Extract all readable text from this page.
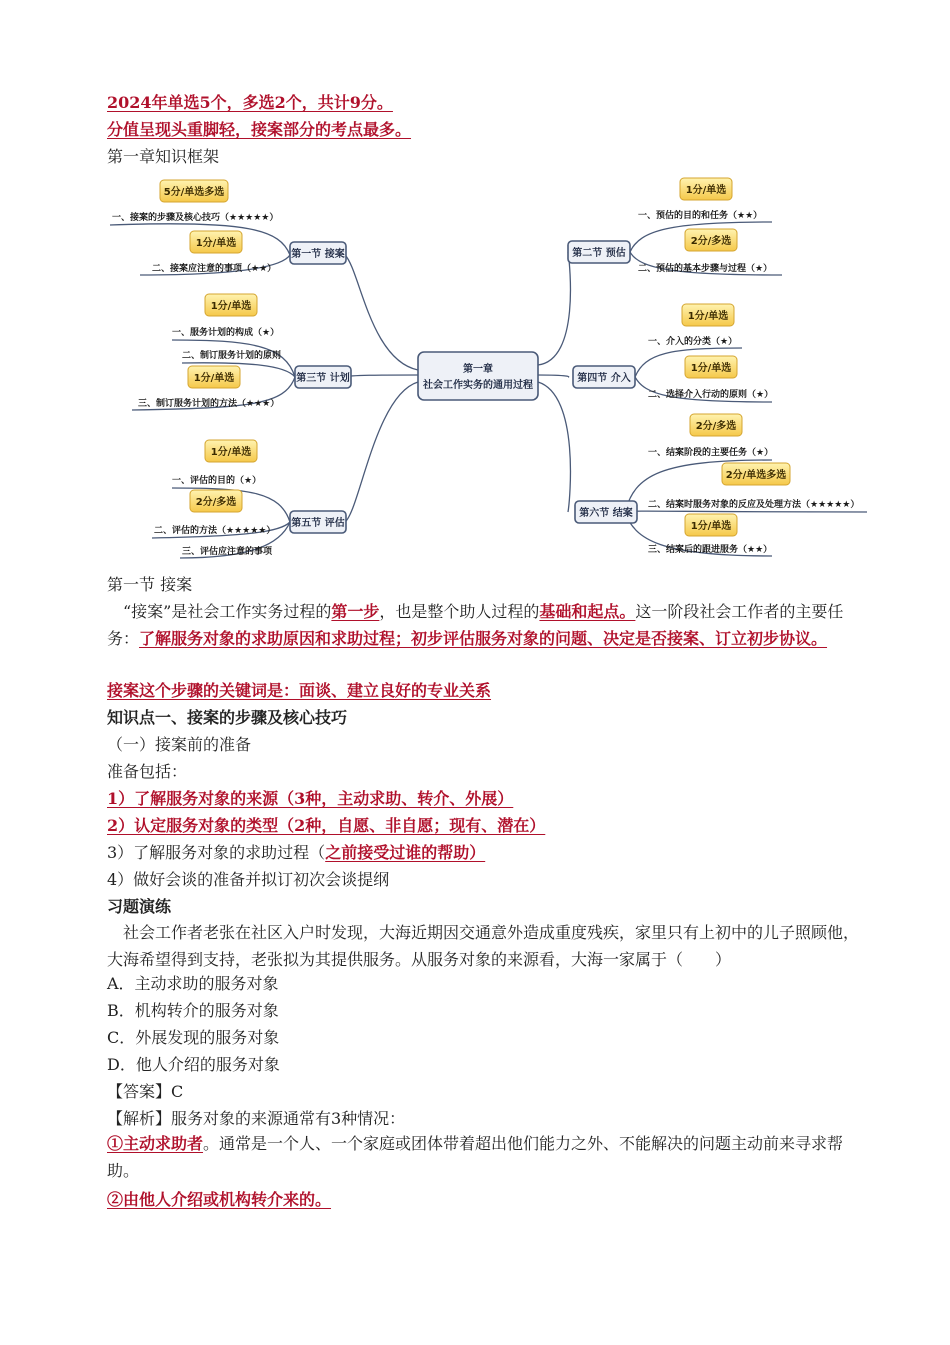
2024年单选5个，多选2个，共计9分。
分值呈现头重脚轻，接案部分的考点最多。
第一章知识框架
第一章
社会工作实务的通用过程
第一节 接案
第三节 计划
第五节 评估
第二节 预估
第四节 介入
第六节 结案
5分/单选多选
1分/单选
1分/单选
1分/单选
1分/单选
2分/多选
1分/单选
2分/多选
1分/单选
1分/单选
2分/多选
2分/单选多选
1分/单选
一、接案的步骤及核心技巧（★★★★★）
二、接案应注意的事项（★★）
一、服务计划的构成（★）
二、制订服务计划的原则
三、制订服务计划的方法（★★★）
一、评估的目的（★）
二、评估的方法（★★★★★）
三、评估应注意的事项
一、预估的目的和任务（★★）
二、预估的基本步骤与过程（★）
一、介入的分类（★）
二、选择介入行动的原则（★）
一、结案阶段的主要任务（★）
二、结案时服务对象的反应及处理方法（★★★★★）
三、结案后的跟进服务（★★）
第一节 接案
“接案”是社会工作实务过程的第一步，也是整个助人过程的基础和起点。这一阶段社会工作者的主要任务：了解服务对象的求助原因和求助过程；初步评估服务对象的问题、决定是否接案、订立初步协议。
接案这个步骤的关键词是：面谈、建立良好的专业关系
知识点一、接案的步骤及核心技巧
（一）接案前的准备
准备包括：
1）了解服务对象的来源（3种，主动求助、转介、外展）
2）认定服务对象的类型（2种，自愿、非自愿；现有、潜在）
3）了解服务对象的求助过程（之前接受过谁的帮助）
4）做好会谈的准备并拟订初次会谈提纲
习题演练
社会工作者老张在社区入户时发现，大海近期因交通意外造成重度残疾，家里只有上初中的儿子照顾他，大海希望得到支持，老张拟为其提供服务。从服务对象的来源看，大海一家属于（　　）
A．主动求助的服务对象
B．机构转介的服务对象
C．外展发现的服务对象
D．他人介绍的服务对象
【答案】C
【解析】服务对象的来源通常有3种情况：
①主动求助者。通常是一个人、一个家庭或团体带着超出他们能力之外、不能解决的问题主动前来寻求帮助。
②由他人介绍或机构转介来的。
